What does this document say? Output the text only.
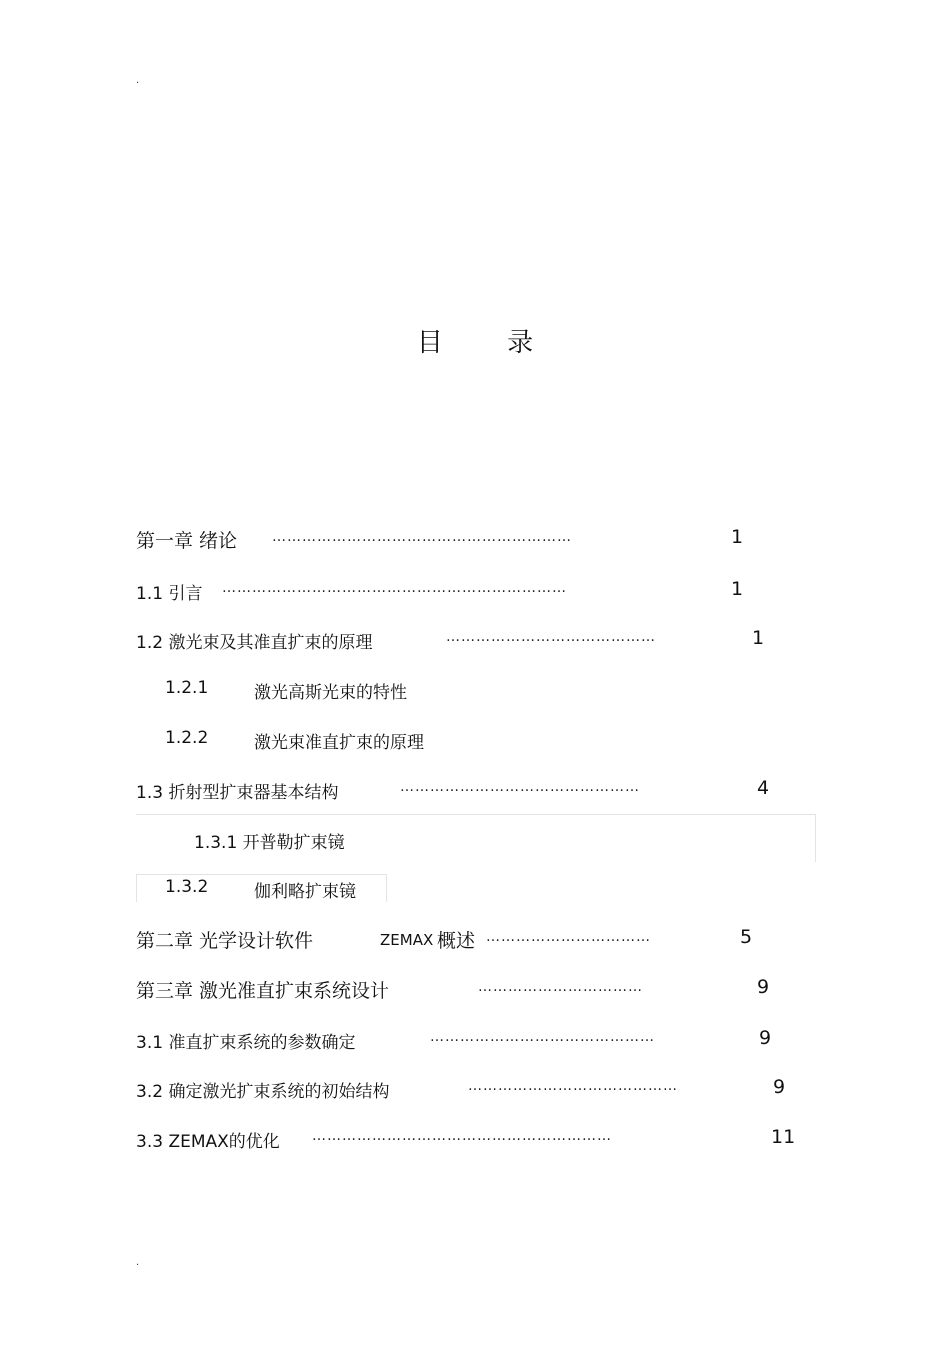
.
.
目 录
第一章 绪论 ……………………………………………………	1
1.1 引言 ……………………………………………………………	1
1.2 激光束及其准直扩束的原理	……………………………………	1
1.2.1	激光高斯光束的特性
1.2.2	激光束准直扩束的原理
1.3 折射型扩束器基本结构	…………………………………………	4
1.3.1 开普勒扩束镜
1.3.2	伽利略扩束镜
第二章 光学设计软件	ZEMAX 概述 ……………………………	5
第三章 激光准直扩束系统设计	……………………………	9
3.1 准直扩束系统的参数确定	………………………………………	9
3.2 确定激光扩束系统的初始结构	……………………………………	9
3.3 ZEMAX的优化 ……………………………………………………	11
